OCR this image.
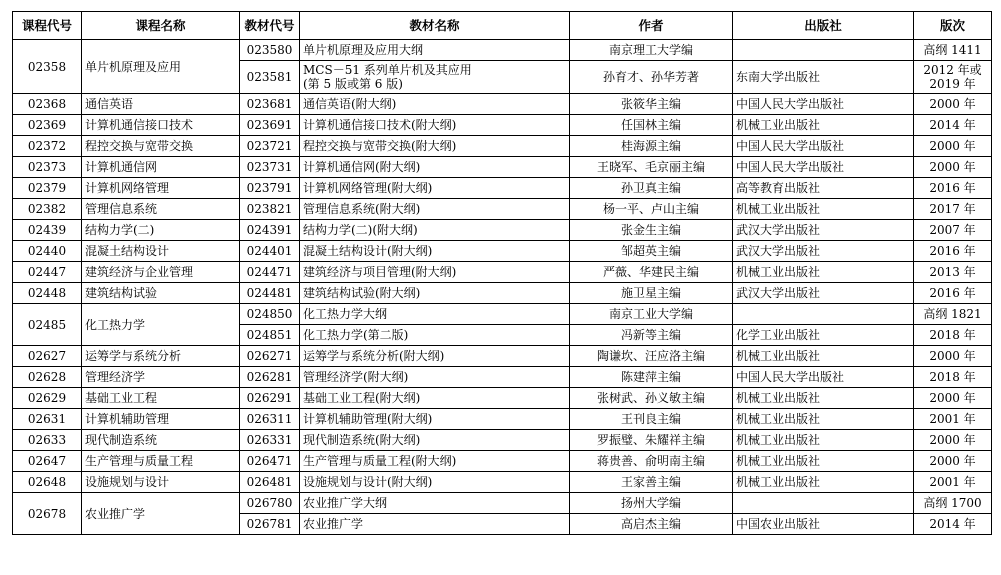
课程代号	课程名称	教材代号	教材名称	作者	出版社	版次
02358	单片机原理及应用	023580	单片机原理及应用大纲	南京理工大学编		高纲 1411
		023581	MCS－51 系列单片机及其应用
(第 5 版或第 6 版)	孙育才、孙华芳著	东南大学出版社	2012 年或 2019 年
02368	通信英语	023681	通信英语(附大纲)	张筱华主编	中国人民大学出版社	2000 年
02369	计算机通信接口技术	023691	计算机通信接口技术(附大纲)	任国林主编	机械工业出版社	2014 年
02372	程控交换与宽带交换	023721	程控交换与宽带交换(附大纲)	桂海源主编	中国人民大学出版社	2000 年
02373	计算机通信网	023731	计算机通信网(附大纲)	王晓军、毛京丽主编	中国人民大学出版社	2000 年
02379	计算机网络管理	023791	计算机网络管理(附大纲)	孙卫真主编	高等教育出版社	2016 年
02382	管理信息系统	023821	管理信息系统(附大纲)	杨一平、卢山主编	机械工业出版社	2017 年
02439	结构力学(二)	024391	结构力学(二)(附大纲)	张金生主编	武汉大学出版社	2007 年
02440	混凝土结构设计	024401	混凝土结构设计(附大纲)	邹超英主编	武汉大学出版社	2016 年
02447	建筑经济与企业管理	024471	建筑经济与项目管理(附大纲)	严薇、华建民主编	机械工业出版社	2013 年
02448	建筑结构试验	024481	建筑结构试验(附大纲)	施卫星主编	武汉大学出版社	2016 年
02485	化工热力学	024850	化工热力学大纲	南京工业大学编		高纲 1821
		024851	化工热力学(第二版)	冯新等主编	化学工业出版社	2018 年
02627	运筹学与系统分析	026271	运筹学与系统分析(附大纲)	陶谦坎、汪应洛主编	机械工业出版社	2000 年
02628	管理经济学	026281	管理经济学(附大纲)	陈建萍主编	中国人民大学出版社	2018 年
02629	基础工业工程	026291	基础工业工程(附大纲)	张树武、孙义敏主编	机械工业出版社	2000 年
02631	计算机辅助管理	026311	计算机辅助管理(附大纲)	王刊良主编	机械工业出版社	2001 年
02633	现代制造系统	026331	现代制造系统(附大纲)	罗振璧、朱耀祥主编	机械工业出版社	2000 年
02647	生产管理与质量工程	026471	生产管理与质量工程(附大纲)	蒋贵善、俞明南主编	机械工业出版社	2000 年
02648	设施规划与设计	026481	设施规划与设计(附大纲)	王家善主编	机械工业出版社	2001 年
02678	农业推广学	026780	农业推广学大纲	扬州大学编		高纲 1700
		026781	农业推广学	高启杰主编	中国农业出版社	2014 年
